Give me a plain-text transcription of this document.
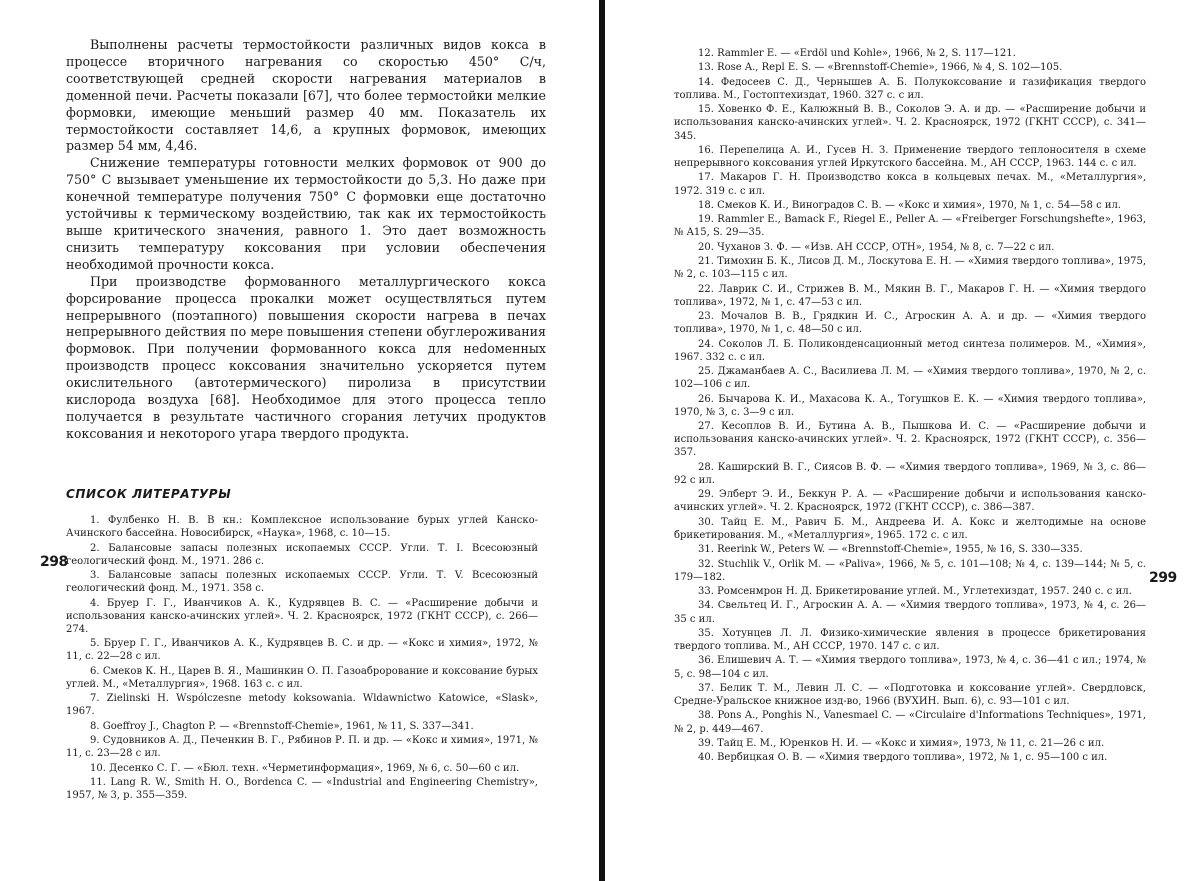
Выполнены расчеты термостойкости различных видов кокса в процессе вторичного нагревания со скоростью 450° С/ч, соответствующей средней скорости нагревания материалов в доменной печи. Расчеты показали [67], что более термостойки мелкие формовки, имеющие меньший размер 40 мм. Показатель их термостойкости составляет 14,6, а крупных формовок, имеющих размер 54 мм, 4,46.

Снижение температуры готовности мелких формовок от 900 до 750° С вызывает уменьшение их термостойкости до 5,3. Но даже при конечной температуре получения 750° С формовки еще достаточно устойчивы к термическому воздействию, так как их термостойкость выше критического значения, равного 1. Это дает возможность снизить температуру коксования при условии обеспечения необходимой прочности кокса.

При производстве формованного металлургического кокса форсирование процесса прокалки может осуществляться путем непрерывного (поэтапного) повышения скорости нагрева в печах непрерывного действия по мере повышения степени обуглероживания формовок. При получении формованного кокса для неdoменных производств процесс коксования значительно ускоряется путем окислительного (автотермического) пиролиза в присутствии кислорода воздуха [68]. Необходимое для этого процесса тепло получается в результате частичного сгорания летучих продуктов коксования и некоторого угара твердого продукта.

СПИСОК ЛИТЕРАТУРЫ
298

1. Фулбенко Н. В. В кн.: Комплексное использование бурых углей Канско-Ачинского бассейна. Новосибирск, «Наука», 1968, с. 10—15.

2. Балансовые запасы полезных ископаемых СССР. Угли. Т. I. Всесоюзный геологический фонд. М., 1971. 286 с.

3. Балансовые запасы полезных ископаемых СССР. Угли. Т. V. Всесоюзный геологический фонд. М., 1971. 358 с.

4. Бруер Г. Г., Иванчиков А. К., Кудрявцев В. С. — «Расширение добычи и использования канско-ачинских углей». Ч. 2. Красноярск, 1972 (ГКНТ СССР), с. 266—274.

5. Бруер Г. Г., Иванчиков А. К., Кудрявцев В. С. и др. — «Кокс и химия», 1972, № 11, с. 22—28 с ил.

6. Смеков К. Н., Царев В. Я., Машинкин О. П. Газоаброрование и коксование бурых углей. М., «Металлургия», 1968. 163 с. с ил.

7. Zielinski H. Wspólczesne metody koksowania. Wldawnictwo Katowice, «Slask», 1967.

8. Goeffroy J., Chagton P. — «Brennstoff-Chemie», 1961, № 11, S. 337—341.

9. Судовников А. Д., Печенкин В. Г., Рябинов Р. П. и др. — «Кокс и химия», 1971, № 11, с. 23—28 с ил.

10. Десенко С. Г. — «Бюл. техн. «Черметинформация», 1969, № 6, с. 50—60 с ил.

11. Lang R. W., Smith H. O., Bordenca C. — «Industrial and Engineering Chemistry», 1957, № 3, p. 355—359.

12. Rammler E. — «Erdöl und Kohle», 1966, № 2, S. 117—121.

13. Rose A., Repl E. S. — «Brennstoff-Chemie», 1966, № 4, S. 102—105.

14. Федосеев С. Д., Чернышев А. Б. Полукоксование и газификация твердого топлива. М., Гостоптехиздат, 1960. 327 с. с ил.

15. Ховенко Ф. Е., Калюжный В. В., Соколов Э. А. и др. — «Расширение добычи и использования канско-ачинских углей». Ч. 2. Красноярск, 1972 (ГКНТ СССР), с. 341—345.

16. Перепелица А. И., Гусев Н. З. Применение твердого теплоносителя в схеме непрерывного коксования углей Иркутского бассейна. М., АН СССР, 1963. 144 с. с ил.

17. Макаров Г. Н. Производство кокса в кольцевых печах. М., «Металлургия», 1972. 319 с. с ил.

18. Смеков К. И., Виноградов С. В. — «Кокс и химия», 1970, № 1, с. 54—58 с ил.

19. Rammler E., Bamack F., Riegel E., Peller A. — «Freiberger Forschungshefte», 1963, № A15, S. 29—35.

20. Чуханов З. Ф. — «Изв. АН СССР, ОТН», 1954, № 8, с. 7—22 с ил.

21. Тимохин Б. К., Лисов Д. М., Лоскутова Е. Н. — «Химия твердого топлива», 1975, № 2, с. 103—115 с ил.

22. Лаврик С. И., Стрижев В. М., Мякин В. Г., Макаров Г. Н. — «Химия твердого топлива», 1972, № 1, с. 47—53 с ил.

23. Мочалов В. В., Грядкин И. С., Агроскин А. А. и др. — «Химия твердого топлива», 1970, № 1, с. 48—50 с ил.

24. Соколов Л. Б. Поликонденсационный метод синтеза полимеров. М., «Химия», 1967. 332 с. с ил.

25. Джаманбаев А. С., Василиева Л. М. — «Химия твердого топлива», 1970, № 2, с. 102—106 с ил.

26. Бычарова К. И., Махасова К. А., Тогушков Е. К. — «Химия твердого топлива», 1970, № 3, с. 3—9 с ил.

27. Кесоплов В. И., Бутина А. В., Пышкова И. С. — «Расширение добычи и использования канско-ачинских углей». Ч. 2. Красноярск, 1972 (ГКНТ СССР), с. 356—357.

28. Каширский В. Г., Сиясов В. Ф. — «Химия твердого топлива», 1969, № 3, с. 86—92 с ил.

29. Элберт Э. И., Беккун Р. А. — «Расширение добычи и использования канско-ачинских углей». Ч. 2. Красноярск, 1972 (ГКНТ СССР), с. 386—387.

30. Тайц Е. М., Равич Б. М., Андреева И. А. Кокс и желтодимые на основе брикетирования. М., «Металлургия», 1965. 172 с. с ил.

31. Reerink W., Peters W. — «Brennstoff-Chemie», 1955, № 16, S. 330—335.

32. Stuchlik V., Orlik M. — «Paliva», 1966, № 5, с. 101—108; № 4, с. 139—144; № 5, с. 179—182.

33. Ромсенмрон Н. Д. Брикетирование углей. М., Углетехиздат, 1957. 240 с. с ил.

34. Свельтец И. Г., Агроскин А. А. — «Химия твердого топлива», 1973, № 4, с. 26—35 с ил.

35. Хотунцев Л. Л. Физико-химические явления в процессе брикетирования твердого топлива. М., АН СССР, 1970. 147 с. с ил.

36. Елишевич А. Т. — «Химия твердого топлива», 1973, № 4, с. 36—41 с ил.; 1974, № 5, с. 98—104 с ил.

37. Белик Т. М., Левин Л. С. — «Подготовка и коксование углей». Свердловск, Средне-Уральское книжное изд-во, 1966 (ВУХИН. Вып. 6), с. 93—101 с ил.

38. Pons A., Ponghis N., Vanesmael C. — «Circulaire d'Informations Techniques», 1971, № 2, p. 449—467.

39. Тайц Е. М., Юренков Н. И. — «Кокс и химия», 1973, № 11, с. 21—26 с ил.

40. Вербицкая О. В. — «Химия твердого топлива», 1972, № 1, с. 95—100 с ил.

299
